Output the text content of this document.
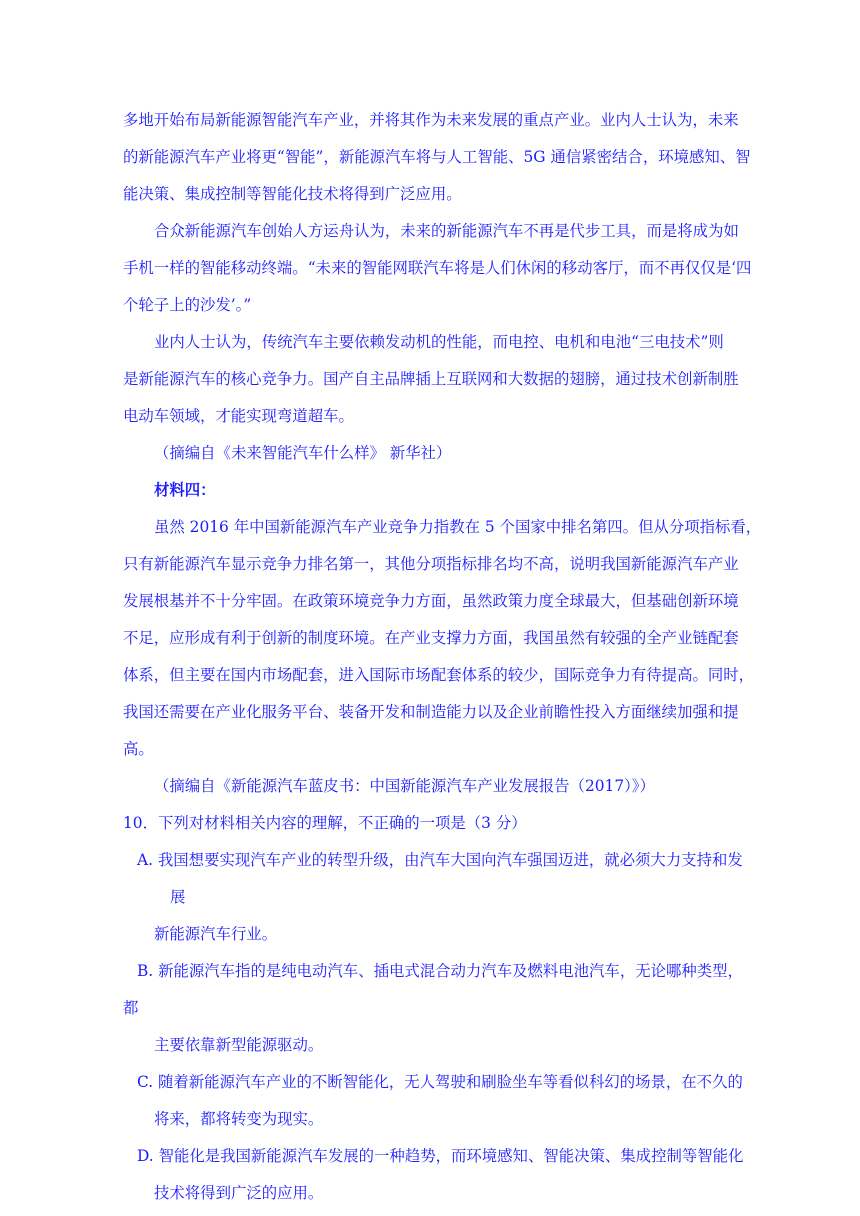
多地开始布局新能源智能汽车产业，并将其作为未来发展的重点产业。业内人士认为，未来
的新能源汽车产业将更“智能”，新能源汽车将与人工智能、5G 通信紧密结合，环境感知、智
能决策、集成控制等智能化技术将得到广泛应用。
合众新能源汽车创始人方运舟认为，未来的新能源汽车不再是代步工具，而是将成为如
手机一样的智能移动终端。“未来的智能网联汽车将是人们休闲的移动客厅，而不再仅仅是‘四
个轮子上的沙发’。”
业内人士认为，传统汽车主要依赖发动机的性能，而电控、电机和电池“三电技术”则
是新能源汽车的核心竞争力。国产自主品牌插上互联网和大数据的翅膀，通过技术创新制胜
电动车领域，才能实现弯道超车。
（摘编自《未来智能汽车什么样》 新华社）
材料四：
虽然 2016 年中国新能源汽车产业竞争力指教在 5 个国家中排名第四。但从分项指标看，
只有新能源汽车显示竞争力排名第一，其他分项指标排名均不高，说明我国新能源汽车产业
发展根基并不十分牢固。在政策环境竞争力方面，虽然政策力度全球最大，但基础创新环境
不足，应形成有利于创新的制度环境。在产业支撑力方面，我国虽然有较强的全产业链配套
体系，但主要在国内市场配套，进入国际市场配套体系的较少，国际竞争力有待提高。同时，
我国还需要在产业化服务平台、装备开发和制造能力以及企业前瞻性投入方面继续加强和提
高。
（摘编自《新能源汽车蓝皮书：中国新能源汽车产业发展报告（2017）》）
10．下列对材料相关内容的理解，不正确的一项是（3 分）
A. 我国想要实现汽车产业的转型升级，由汽车大国向汽车强国迈进，就必须大力支持和发
展
新能源汽车行业。
B. 新能源汽车指的是纯电动汽车、插电式混合动力汽车及燃料电池汽车，无论哪种类型，
都
主要依靠新型能源驱动。
C. 随着新能源汽车产业的不断智能化，无人驾驶和刷脸坐车等看似科幻的场景，在不久的
将来，都将转变为现实。
D. 智能化是我国新能源汽车发展的一种趋势，而环境感知、智能决策、集成控制等智能化
技术将得到广泛的应用。
